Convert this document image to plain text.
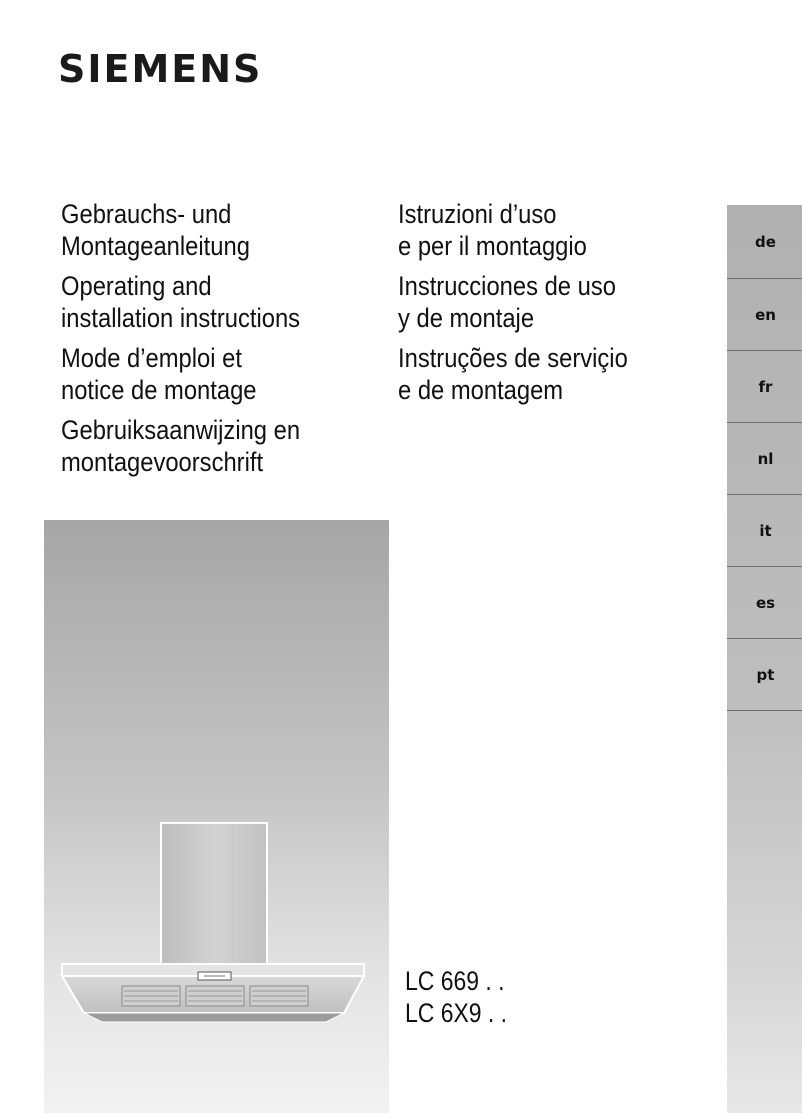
SIEMENS
Gebrauchs- und
Montageanleitung
Operating and
installation instructions
Mode d’emploi et
notice de montage
Gebruiksaanwijzing en
montagevoorschrift
Istruzioni d’uso
e per il montaggio
Instrucciones de uso
y de montaje
Instruções de serviçio
e de montagem
LC 669 . .
LC 6X9 . .
de
en
fr
nl
it
es
pt
